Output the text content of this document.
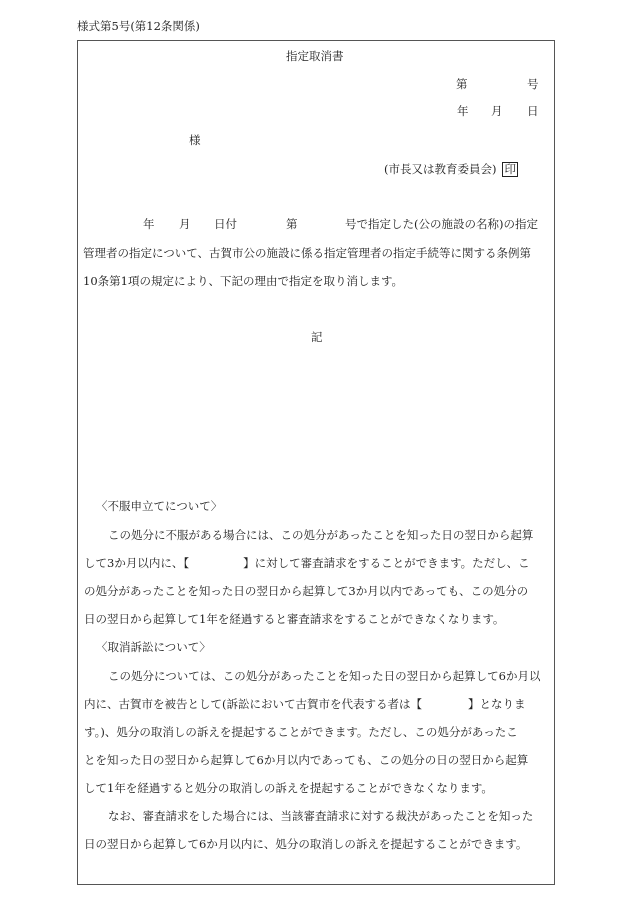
様式第5号(第12条関係)
指定取消書
第	号
年 月 日
様
(市長又は教育委員会) 印
年 月 日付	第	号で指定した(公の施設の名称)の指定
管理者の指定について、古賀市公の施設に係る指定管理者の指定手続等に関する条例第
10条第1項の規定により、下記の理由で指定を取り消します。
記
〈不服申立てについて〉
この処分に不服がある場合には、この処分があったことを知った日の翌日から起算
して3か月以内に、【	】に対して審査請求をすることができます。ただし、こ
の処分があったことを知った日の翌日から起算して3か月以内であっても、この処分の
日の翌日から起算して1年を経過すると審査請求をすることができなくなります。
〈取消訴訟について〉
この処分については、この処分があったことを知った日の翌日から起算して6か月以
内に、古賀市を被告として(訴訟において古賀市を代表する者は【	】となりま
す。)、処分の取消しの訴えを提起することができます。ただし、この処分があったこ
とを知った日の翌日から起算して6か月以内であっても、この処分の日の翌日から起算
して1年を経過すると処分の取消しの訴えを提起することができなくなります。
なお、審査請求をした場合には、当該審査請求に対する裁決があったことを知った
日の翌日から起算して6か月以内に、処分の取消しの訴えを提起することができます。
